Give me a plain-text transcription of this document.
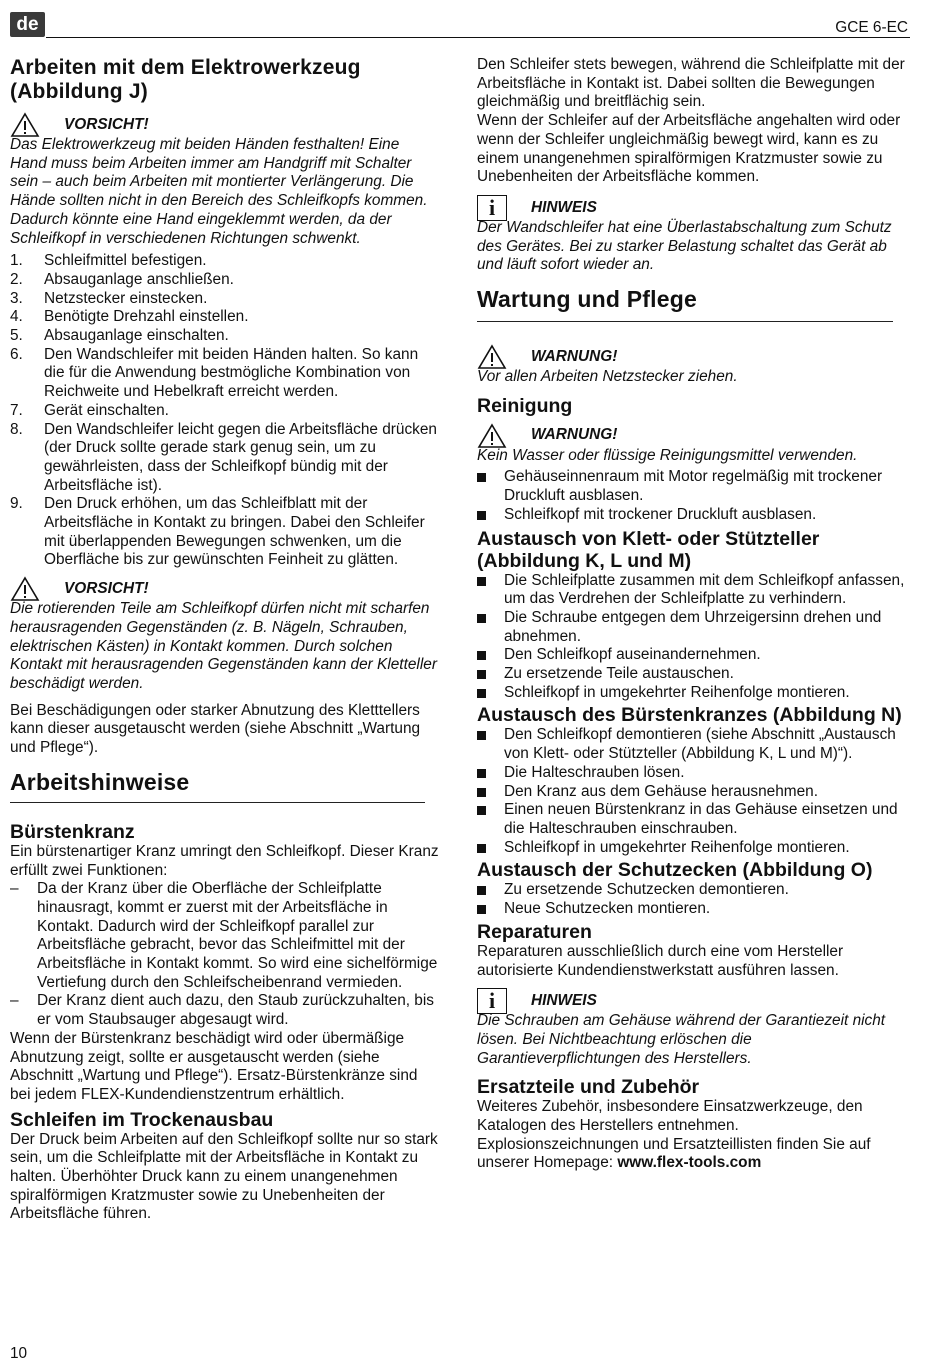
de	GCE 6-EC
Arbeiten mit dem Elektrowerkzeug (Abbildung J)
VORSICHT!

Das Elektrowerkzeug mit beiden Händen festhalten! Eine Hand muss beim Arbeiten immer am Handgriff mit Schalter sein – auch beim Arbeiten mit montierter Verlängerung. Die Hände sollten nicht in den Bereich des Schleifkopfs kommen. Dadurch könnte eine Hand eingeklemmt werden, da der Schleifkopf in verschiedenen Richtungen schwenkt.

1.	Schleifmittel befestigen.
2.	Absauganlage anschließen.
3.	Netzstecker einstecken.
4.	Benötigte Drehzahl einstellen.
5.	Absauganlage einschalten.
6.	Den Wandschleifer mit beiden Händen halten. So kann die für die Anwendung bestmögliche Kombination von Reichweite und Hebelkraft erreicht werden.
7.	Gerät einschalten.
8.	Den Wandschleifer leicht gegen die Arbeitsfläche drücken (der Druck sollte gerade stark genug sein, um zu gewährleisten, dass der Schleifkopf bündig mit der Arbeitsfläche ist).
9.	Den Druck erhöhen, um das Schleifblatt mit der Arbeitsfläche in Kontakt zu bringen. Dabei den Schleifer mit überlappenden Bewegungen schwenken, um die Oberfläche bis zur gewünschten Feinheit zu glätten.
VORSICHT!

Die rotierenden Teile am Schleifkopf dürfen nicht mit scharfen herausragenden Gegenständen (z. B. Nägeln, Schrauben, elektrischen Kästen) in Kontakt kommen. Durch solchen Kontakt mit herausragenden Gegenständen kann der Kletteller beschädigt werden.

Bei Beschädigungen oder starker Abnutzung des Kletttellers kann dieser ausgetauscht werden (siehe Abschnitt „Wartung und Pflege“).

Arbeitshinweise
Bürstenkranz

Ein bürstenartiger Kranz umringt den Schleifkopf. Dieser Kranz erfüllt zwei Funktionen:

–	Da der Kranz über die Oberfläche der Schleifplatte hinausragt, kommt er zuerst mit der Arbeitsfläche in Kontakt. Dadurch wird der Schleifkopf parallel zur Arbeitsfläche gebracht, bevor das Schleifmittel mit der Arbeitsfläche in Kontakt kommt. So wird eine sichelförmige Vertiefung durch den Schleifscheibenrand vermieden.
–	Der Kranz dient auch dazu, den Staub zurückzuhalten, bis er vom Staubsauger abgesaugt wird.

Wenn der Bürstenkranz beschädigt wird oder übermäßige Abnutzung zeigt, sollte er ausgetauscht werden (siehe Abschnitt „Wartung und Pflege“). Ersatz-Bürstenkränze sind bei jedem FLEX-Kundendienstzentrum erhältlich.

Schleifen im Trockenausbau

Der Druck beim Arbeiten auf den Schleifkopf sollte nur so stark sein, um die Schleifplatte mit der Arbeitsfläche in Kontakt zu halten. Überhöhter Druck kann zu einem unangenehmen spiralförmigen Kratzmuster sowie zu Unebenheiten der Arbeitsfläche führen.

Den Schleifer stets bewegen, während die Schleifplatte mit der Arbeitsfläche in Kontakt ist. Dabei sollten die Bewegungen gleichmäßig und breitflächig sein.

Wenn der Schleifer auf der Arbeitsfläche angehalten wird oder wenn der Schleifer ungleichmäßig bewegt wird, kann es zu einem unangenehmen spiralförmigen Kratzmuster sowie zu Unebenheiten der Arbeitsfläche kommen.

i	HINWEIS

Der Wandschleifer hat eine Überlastabschaltung zum Schutz des Gerätes. Bei zu starker Belastung schaltet das Gerät ab und läuft sofort wieder an.

Wartung und Pflege
WARNUNG!

Vor allen Arbeiten Netzstecker ziehen.

Reinigung
WARNUNG!

Kein Wasser oder flüssige Reinigungsmittel verwenden.

Gehäuseinnenraum mit Motor regelmäßig mit trockener Druckluft ausblasen.
Schleifkopf mit trockener Druckluft ausblasen.
Austausch von Klett- oder Stützteller (Abbildung K, L und M)
Die Schleifplatte zusammen mit dem Schleifkopf anfassen, um das Verdrehen der Schleifplatte zu verhindern.
Die Schraube entgegen dem Uhrzeigersinn drehen und abnehmen.
Den Schleifkopf auseinandernehmen.
Zu ersetzende Teile austauschen.
Schleifkopf in umgekehrter Reihenfolge montieren.
Austausch des Bürstenkranzes (Abbildung N)
Den Schleifkopf demontieren (siehe Abschnitt „Austausch von Klett- oder Stützteller (Abbildung K, L und M)“).
Die Halteschrauben lösen.
Den Kranz aus dem Gehäuse herausnehmen.
Einen neuen Bürstenkranz in das Gehäuse einsetzen und die Halteschrauben einschrauben.
Schleifkopf in umgekehrter Reihenfolge montieren.
Austausch der Schutzecken (Abbildung O)
Zu ersetzende Schutzecken demontieren.
Neue Schutzecken montieren.
Reparaturen

Reparaturen ausschließlich durch eine vom Hersteller autorisierte Kundendienstwerkstatt ausführen lassen.

i	HINWEIS

Die Schrauben am Gehäuse während der Garantiezeit nicht lösen. Bei Nichtbeachtung erlöschen die Garantieverpflichtungen des Herstellers.

Ersatzteile und Zubehör

Weiteres Zubehör, insbesondere Einsatzwerkzeuge, den Katalogen des Herstellers entnehmen.

Explosionszeichnungen und Ersatzteillisten finden Sie auf unserer Homepage: www.flex-tools.com

10
